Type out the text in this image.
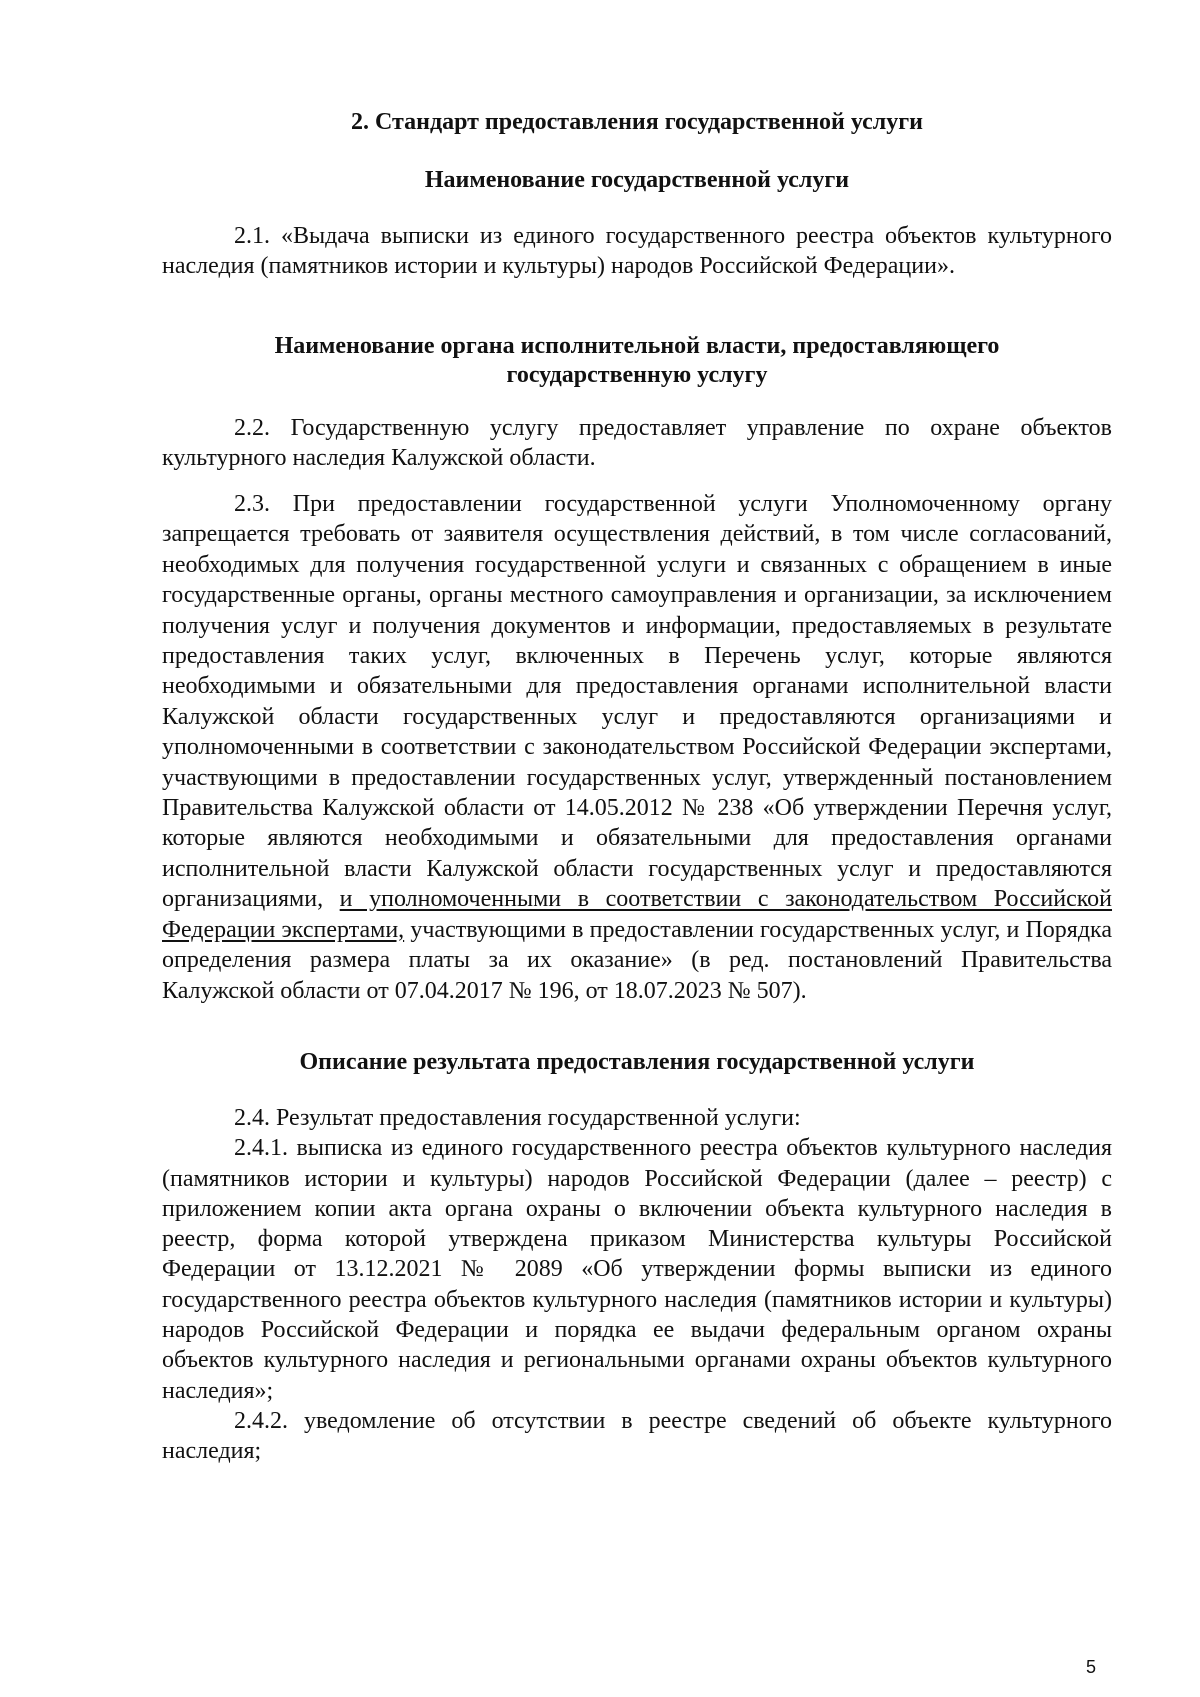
2. Стандарт предоставления государственной услуги
Наименование государственной услуги

2.1. «Выдача выписки из единого государственного реестра объектов культурного наследия (памятников истории и культуры) народов Российской Федерации».

Наименование органа исполнительной власти, предоставляющего государственную услугу

2.2. Государственную услугу предоставляет управление по охране объектов культурного наследия Калужской области.

2.3. При предоставлении государственной услуги Уполномоченному органу запрещается требовать от заявителя осуществления действий, в том числе согласований, необходимых для получения государственной услуги и связанных с обращением в иные государственные органы, органы местного самоуправления и организации, за исключением получения услуг и получения документов и информации, предоставляемых в результате предоставления таких услуг, включенных в Перечень услуг, которые являются необходимыми и обязательными для предоставления органами исполнительной власти Калужской области государственных услуг и предоставляются организациями и уполномоченными в соответствии с законодательством Российской Федерации экспертами, участвующими в предоставлении государственных услуг, утвержденный постановлением Правительства Калужской области от 14.05.2012 № 238 «Об утверждении Перечня услуг, которые являются необходимыми и обязательными для предоставления органами исполнительной власти Калужской области государственных услуг и предоставляются организациями, и уполномоченными в соответствии с законодательством Российской Федерации экспертами, участвующими в предоставлении государственных услуг, и Порядка определения размера платы за их оказание» (в ред. постановлений Правительства Калужской области от 07.04.2017 № 196, от 18.07.2023 № 507).

Описание результата предоставления государственной услуги

2.4. Результат предоставления государственной услуги:

2.4.1. выписка из единого государственного реестра объектов культурного наследия (памятников истории и культуры) народов Российской Федерации (далее – реестр) с приложением копии акта органа охраны о включении объекта культурного наследия в реестр, форма которой утверждена приказом Министерства культуры Российской Федерации от 13.12.2021 № 2089 «Об утверждении формы выписки из единого государственного реестра объектов культурного наследия (памятников истории и культуры) народов Российской Федерации и порядка ее выдачи федеральным органом охраны объектов культурного наследия и региональными органами охраны объектов культурного наследия»;

2.4.2. уведомление об отсутствии в реестре сведений об объекте культурного наследия;

5
